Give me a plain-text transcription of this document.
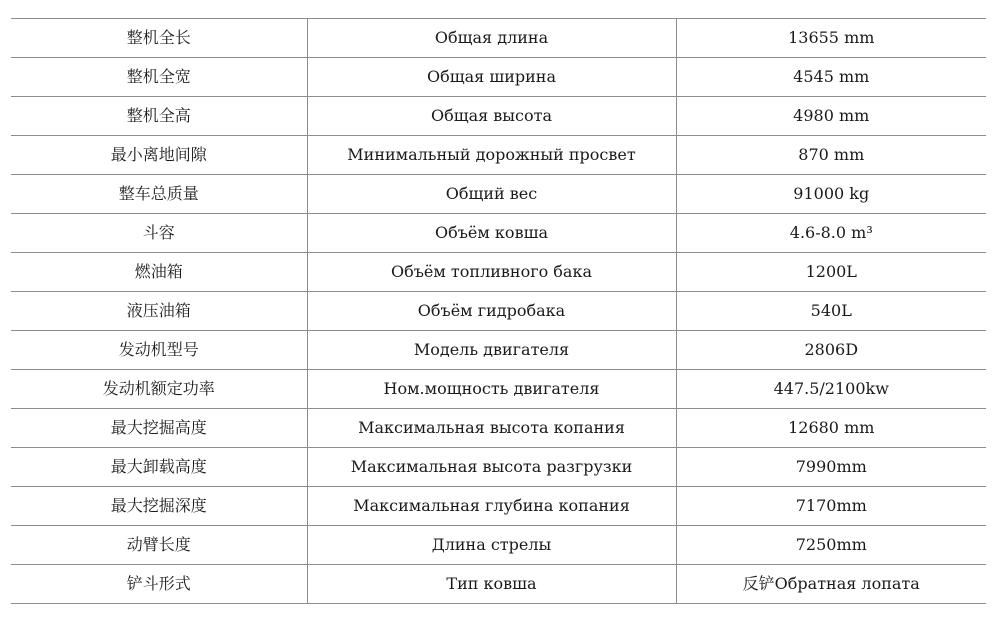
整机全长	Общая длина	13655 mm
整机全宽	Общая ширина	4545 mm
整机全高	Общая высота	4980 mm
最小离地间隙	Минимальный дорожный просвет	870 mm
整车总质量	Общий вес	91000 kg
斗容	Объём ковша	4.6-8.0 m³
燃油箱	Объём топливного бака	1200L
液压油箱	Объём гидробака	540L
发动机型号	Модель двигателя	2806D
发动机额定功率	Ном.мощность двигателя	447.5/2100kw
最大挖掘高度	Максимальная высота копания	12680 mm
最大卸载高度	Максимальная высота разгрузки	7990mm
最大挖掘深度	Максимальная глубина копания	7170mm
动臂长度	Длина стрелы	7250mm
铲斗形式	Тип ковша	反铲Обратная лопата
